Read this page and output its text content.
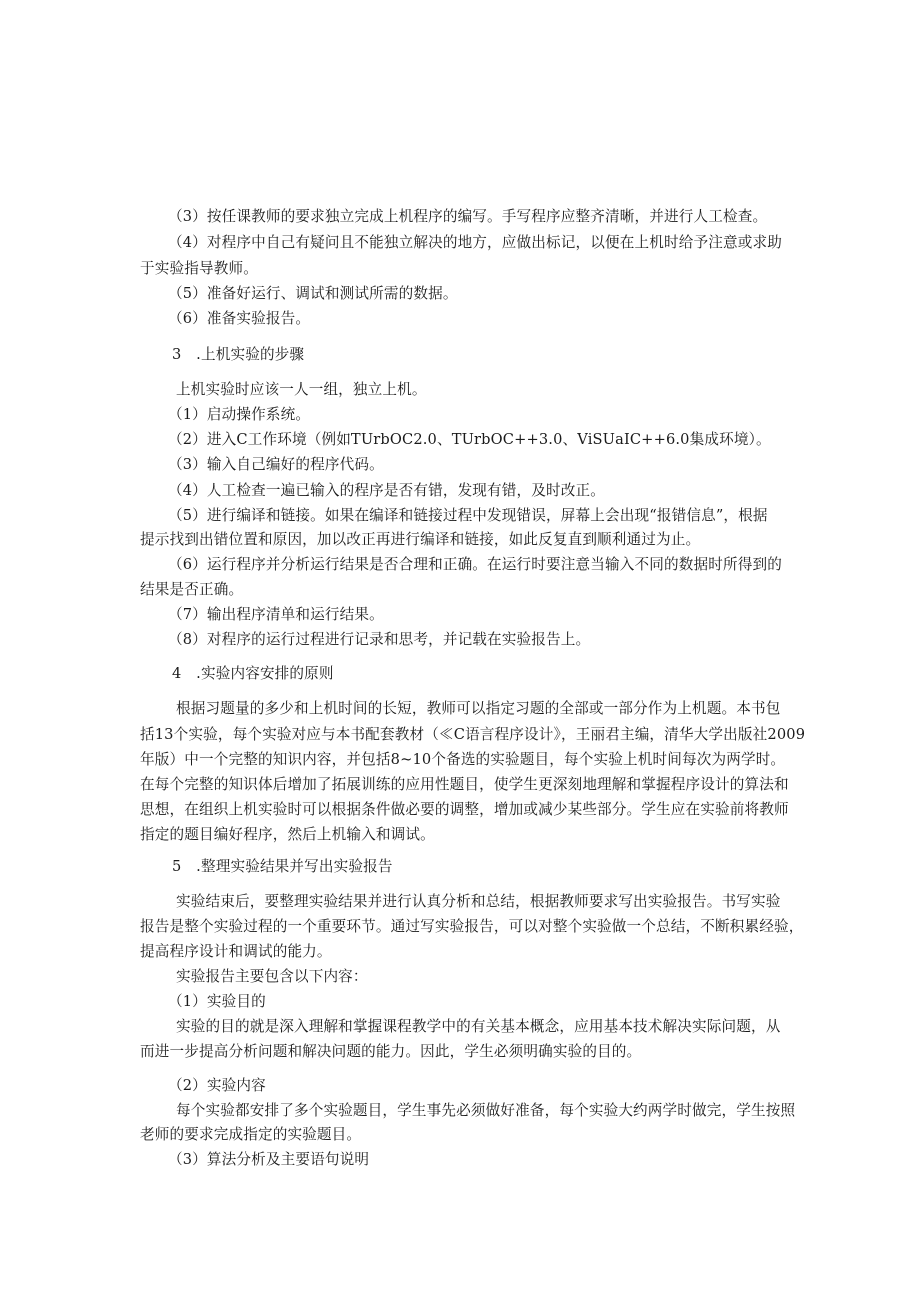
（3）按任课教师的要求独立完成上机程序的编写。手写程序应整齐清晰，并进行人工检查。
（4）对程序中自己有疑问且不能独立解决的地方，应做出标记，以便在上机时给予注意或求助
于实验指导教师。
（5）准备好运行、调试和测试所需的数据。
（6）准备实验报告。
3　.上机实验的步骤
上机实验时应该一人一组，独立上机。
（1）启动操作系统。
（2）进入C工作环境（例如TUrbOC2.0、TUrbOC++3.0、ViSUaIC++6.0集成环境）。
（3）输入自己编好的程序代码。
（4）人工检查一遍已输入的程序是否有错，发现有错，及时改正。
（5）进行编译和链接。如果在编译和链接过程中发现错误，屏幕上会出现“报错信息”，根据
提示找到出错位置和原因，加以改正再进行编译和链接，如此反复直到顺利通过为止。
（6）运行程序并分析运行结果是否合理和正确。在运行时要注意当输入不同的数据时所得到的
结果是否正确。
（7）输出程序清单和运行结果。
（8）对程序的运行过程进行记录和思考，并记载在实验报告上。
4　.实验内容安排的原则
根据习题量的多少和上机时间的长短，教师可以指定习题的全部或一部分作为上机题。本书包
括13个实验，每个实验对应与本书配套教材（≪C语言程序设计》，王丽君主编，清华大学出版社2009
年版）中一个完整的知识内容，并包括8~10个备选的实验题目，每个实验上机时间每次为两学时。
在每个完整的知识体后增加了拓展训练的应用性题目，使学生更深刻地理解和掌握程序设计的算法和
思想，在组织上机实验时可以根据条件做必要的调整，增加或减少某些部分。学生应在实验前将教师
指定的题目编好程序，然后上机输入和调试。
5　.整理实验结果并写出实验报告
实验结束后，要整理实验结果并进行认真分析和总结，根据教师要求写出实验报告。书写实验
报告是整个实验过程的一个重要环节。通过写实验报告，可以对整个实验做一个总结，不断积累经验，
提高程序设计和调试的能力。
实验报告主要包含以下内容：
（1）实验目的
实验的目的就是深入理解和掌握课程教学中的有关基本概念，应用基本技术解决实际问题，从
而进一步提高分析问题和解决问题的能力。因此，学生必须明确实验的目的。
（2）实验内容
每个实验都安排了多个实验题目，学生事先必须做好准备，每个实验大约两学时做完，学生按照
老师的要求完成指定的实验题目。
（3）算法分析及主要语句说明
